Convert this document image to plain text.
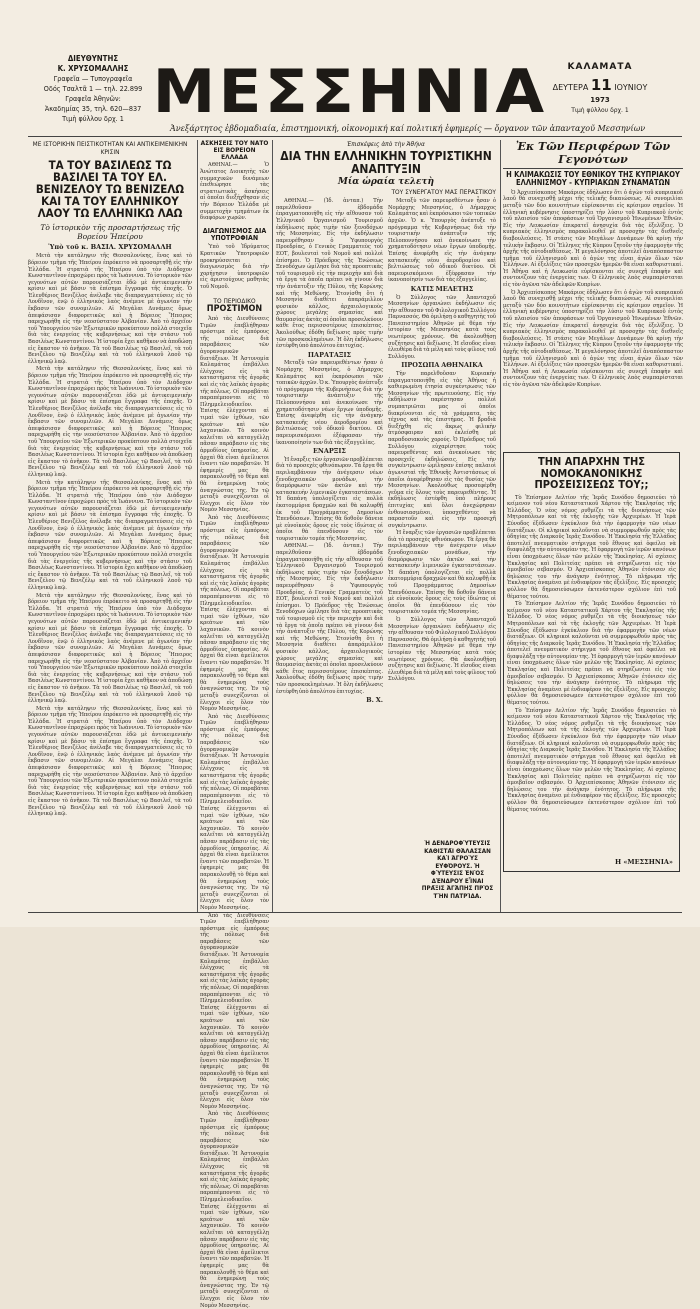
ΔΙΕΥΘΥΝΤΗΣ
Κ. ΧΡΥΣΟΜΑΛΛΗΣ
Γραφεῖα — Τυπογραφεῖα
Οδός Τσαλτᾶ 1 — τηλ. 22.899
Γραφεῖα Ἀθηνῶν:
Ἀκαδημίας 35, τηλ. 620—837
Τιμὴ φύλλου δρχ. 1 ΜΕΣΣΗΝΙΑ	ΚΑΛΑΜΑΤΑ
ΔΕΥΤΕΡΑ 11 ΙΟΥΝΙΟΥ
1973
Τιμὴ φύλλου δρχ. 1
Ἀνεξάρτητος ἑβδομαδιαία, ἐπιστημονική, οἰκονομική καί πολιτική ἐφημερίς — ὄργανον τῶν ἁπανταχοῦ Μεσσηνίων
ΜΕ ΙΣΤΟΡΙΚΗΝ ΠΕΙΣΤΙΚΟΤΗΤΑΝ ΚΑΙ ΑΝΤΙΚΕΙΜΕΝΙΚΗΝ ΚΡΙΣΙΝ
ΤΑ ΤΟΥ ΒΑΣΙΛΕΩΣ ΤΩ ΒΑΣΙΛΕΙ ΤΑ ΤΟΥ ΕΛ. ΒΕΝΙΖΕΛΟΥ ΤΩ ΒΕΝΙΖΕΛΩ ΚΑΙ ΤΑ ΤΟΥ ΕΛΛΗΝΙΚΟΥ ΛΑΟΥ ΤΩ ΕΛΛΗΝΙΚΩ ΛΑΩ
Τὸ ἱστορικὸν τῆς προσαρτήσεως τῆς Βορείου Ἠπείρου
Ὑπὸ τοῦ κ. ΒΑΣΙΛ. ΧΡΥΣΟΜΑΛΛΗ

Μετὰ τὴν κατάληψιν τῆς Θεσσαλονίκης, ἕνας καὶ τὸ βόρειον τμῆμα τῆς Ἠπείρου ἐπρόκειτο νὰ προσαρτηθῇ εἰς τὴν Ἑλλάδα. Ἡ στρατιὰ τῆς Ἠπείρου ὑπὸ τὸν Διάδοχον Κωνσταντῖνον ἐπροχώρει πρὸς τὰ Ἰωάννινα. Τὸ ἱστορικὸν τῶν γεγονότων αὐτῶν παρουσιάζεται ἐδῶ μὲ ἀντικειμενικὴν κρίσιν καὶ μὲ βάσιν τὰ ἐπίσημα ἔγγραφα τῆς ἐποχῆς. Ὁ Ἐλευθέριος Βενιζέλος ἀνέλαβε τὰς διαπραγματεύσεις εἰς τὸ Λονδῖνον, ἐνῷ ὁ ἑλληνικὸς λαὸς ἀνέμενε μὲ ἀγωνίαν τὴν ἔκβασιν τῶν συνομιλιῶν. Αἱ Μεγάλαι Δυνάμεις ὅμως ἀπεφάσισαν διαφορετικῶς καὶ ἡ Βόρειος Ἤπειρος παρεχωρήθη εἰς τὴν νεοσύστατον Ἀλβανίαν. Ἀπὸ τὸ ἀρχεῖον τοῦ Ὑπουργείου τῶν Ἐξωτερικῶν προκύπτουν πολλὰ στοιχεῖα διὰ τὰς ἐνεργείας τῆς κυβερνήσεως καὶ τὴν στάσιν τοῦ Βασιλέως Κωνσταντίνου. Ἡ ἱστορία ἔχει καθῆκον νὰ ἀποδώσῃ εἰς ἕκαστον τὸ ἀνῆκον. Τὰ τοῦ Βασιλέως τῷ Βασιλεῖ, τὰ τοῦ Βενιζέλου τῷ Βενιζέλῳ καὶ τὰ τοῦ ἑλληνικοῦ λαοῦ τῷ ἑλληνικῷ λαῷ.

Μετὰ τὴν κατάληψιν τῆς Θεσσαλονίκης, ἕνας καὶ τὸ βόρειον τμῆμα τῆς Ἠπείρου ἐπρόκειτο νὰ προσαρτηθῇ εἰς τὴν Ἑλλάδα. Ἡ στρατιὰ τῆς Ἠπείρου ὑπὸ τὸν Διάδοχον Κωνσταντῖνον ἐπροχώρει πρὸς τὰ Ἰωάννινα. Τὸ ἱστορικὸν τῶν γεγονότων αὐτῶν παρουσιάζεται ἐδῶ μὲ ἀντικειμενικὴν κρίσιν καὶ μὲ βάσιν τὰ ἐπίσημα ἔγγραφα τῆς ἐποχῆς. Ὁ Ἐλευθέριος Βενιζέλος ἀνέλαβε τὰς διαπραγματεύσεις εἰς τὸ Λονδῖνον, ἐνῷ ὁ ἑλληνικὸς λαὸς ἀνέμενε μὲ ἀγωνίαν τὴν ἔκβασιν τῶν συνομιλιῶν. Αἱ Μεγάλαι Δυνάμεις ὅμως ἀπεφάσισαν διαφορετικῶς καὶ ἡ Βόρειος Ἤπειρος παρεχωρήθη εἰς τὴν νεοσύστατον Ἀλβανίαν. Ἀπὸ τὸ ἀρχεῖον τοῦ Ὑπουργείου τῶν Ἐξωτερικῶν προκύπτουν πολλὰ στοιχεῖα διὰ τὰς ἐνεργείας τῆς κυβερνήσεως καὶ τὴν στάσιν τοῦ Βασιλέως Κωνσταντίνου. Ἡ ἱστορία ἔχει καθῆκον νὰ ἀποδώσῃ εἰς ἕκαστον τὸ ἀνῆκον. Τὰ τοῦ Βασιλέως τῷ Βασιλεῖ, τὰ τοῦ Βενιζέλου τῷ Βενιζέλῳ καὶ τὰ τοῦ ἑλληνικοῦ λαοῦ τῷ ἑλληνικῷ λαῷ.

Μετὰ τὴν κατάληψιν τῆς Θεσσαλονίκης, ἕνας καὶ τὸ βόρειον τμῆμα τῆς Ἠπείρου ἐπρόκειτο νὰ προσαρτηθῇ εἰς τὴν Ἑλλάδα. Ἡ στρατιὰ τῆς Ἠπείρου ὑπὸ τὸν Διάδοχον Κωνσταντῖνον ἐπροχώρει πρὸς τὰ Ἰωάννινα. Τὸ ἱστορικὸν τῶν γεγονότων αὐτῶν παρουσιάζεται ἐδῶ μὲ ἀντικειμενικὴν κρίσιν καὶ μὲ βάσιν τὰ ἐπίσημα ἔγγραφα τῆς ἐποχῆς. Ὁ Ἐλευθέριος Βενιζέλος ἀνέλαβε τὰς διαπραγματεύσεις εἰς τὸ Λονδῖνον, ἐνῷ ὁ ἑλληνικὸς λαὸς ἀνέμενε μὲ ἀγωνίαν τὴν ἔκβασιν τῶν συνομιλιῶν. Αἱ Μεγάλαι Δυνάμεις ὅμως ἀπεφάσισαν διαφορετικῶς καὶ ἡ Βόρειος Ἤπειρος παρεχωρήθη εἰς τὴν νεοσύστατον Ἀλβανίαν. Ἀπὸ τὸ ἀρχεῖον τοῦ Ὑπουργείου τῶν Ἐξωτερικῶν προκύπτουν πολλὰ στοιχεῖα διὰ τὰς ἐνεργείας τῆς κυβερνήσεως καὶ τὴν στάσιν τοῦ Βασιλέως Κωνσταντίνου. Ἡ ἱστορία ἔχει καθῆκον νὰ ἀποδώσῃ εἰς ἕκαστον τὸ ἀνῆκον. Τὰ τοῦ Βασιλέως τῷ Βασιλεῖ, τὰ τοῦ Βενιζέλου τῷ Βενιζέλῳ καὶ τὰ τοῦ ἑλληνικοῦ λαοῦ τῷ ἑλληνικῷ λαῷ.

Μετὰ τὴν κατάληψιν τῆς Θεσσαλονίκης, ἕνας καὶ τὸ βόρειον τμῆμα τῆς Ἠπείρου ἐπρόκειτο νὰ προσαρτηθῇ εἰς τὴν Ἑλλάδα. Ἡ στρατιὰ τῆς Ἠπείρου ὑπὸ τὸν Διάδοχον Κωνσταντῖνον ἐπροχώρει πρὸς τὰ Ἰωάννινα. Τὸ ἱστορικὸν τῶν γεγονότων αὐτῶν παρουσιάζεται ἐδῶ μὲ ἀντικειμενικὴν κρίσιν καὶ μὲ βάσιν τὰ ἐπίσημα ἔγγραφα τῆς ἐποχῆς. Ὁ Ἐλευθέριος Βενιζέλος ἀνέλαβε τὰς διαπραγματεύσεις εἰς τὸ Λονδῖνον, ἐνῷ ὁ ἑλληνικὸς λαὸς ἀνέμενε μὲ ἀγωνίαν τὴν ἔκβασιν τῶν συνομιλιῶν. Αἱ Μεγάλαι Δυνάμεις ὅμως ἀπεφάσισαν διαφορετικῶς καὶ ἡ Βόρειος Ἤπειρος παρεχωρήθη εἰς τὴν νεοσύστατον Ἀλβανίαν. Ἀπὸ τὸ ἀρχεῖον τοῦ Ὑπουργείου τῶν Ἐξωτερικῶν προκύπτουν πολλὰ στοιχεῖα διὰ τὰς ἐνεργείας τῆς κυβερνήσεως καὶ τὴν στάσιν τοῦ Βασιλέως Κωνσταντίνου. Ἡ ἱστορία ἔχει καθῆκον νὰ ἀποδώσῃ εἰς ἕκαστον τὸ ἀνῆκον. Τὰ τοῦ Βασιλέως τῷ Βασιλεῖ, τὰ τοῦ Βενιζέλου τῷ Βενιζέλῳ καὶ τὰ τοῦ ἑλληνικοῦ λαοῦ τῷ ἑλληνικῷ λαῷ.

Μετὰ τὴν κατάληψιν τῆς Θεσσαλονίκης, ἕνας καὶ τὸ βόρειον τμῆμα τῆς Ἠπείρου ἐπρόκειτο νὰ προσαρτηθῇ εἰς τὴν Ἑλλάδα. Ἡ στρατιὰ τῆς Ἠπείρου ὑπὸ τὸν Διάδοχον Κωνσταντῖνον ἐπροχώρει πρὸς τὰ Ἰωάννινα. Τὸ ἱστορικὸν τῶν γεγονότων αὐτῶν παρουσιάζεται ἐδῶ μὲ ἀντικειμενικὴν κρίσιν καὶ μὲ βάσιν τὰ ἐπίσημα ἔγγραφα τῆς ἐποχῆς. Ὁ Ἐλευθέριος Βενιζέλος ἀνέλαβε τὰς διαπραγματεύσεις εἰς τὸ Λονδῖνον, ἐνῷ ὁ ἑλληνικὸς λαὸς ἀνέμενε μὲ ἀγωνίαν τὴν ἔκβασιν τῶν συνομιλιῶν. Αἱ Μεγάλαι Δυνάμεις ὅμως ἀπεφάσισαν διαφορετικῶς καὶ ἡ Βόρειος Ἤπειρος παρεχωρήθη εἰς τὴν νεοσύστατον Ἀλβανίαν. Ἀπὸ τὸ ἀρχεῖον τοῦ Ὑπουργείου τῶν Ἐξωτερικῶν προκύπτουν πολλὰ στοιχεῖα διὰ τὰς ἐνεργείας τῆς κυβερνήσεως καὶ τὴν στάσιν τοῦ Βασιλέως Κωνσταντίνου. Ἡ ἱστορία ἔχει καθῆκον νὰ ἀποδώσῃ εἰς ἕκαστον τὸ ἀνῆκον. Τὰ τοῦ Βασιλέως τῷ Βασιλεῖ, τὰ τοῦ Βενιζέλου τῷ Βενιζέλῳ καὶ τὰ τοῦ ἑλληνικοῦ λαοῦ τῷ ἑλληνικῷ λαῷ.

ΑΣΚΗΣΕΙΣ ΤΟΥ ΝΑΤΟ ΕΙΣ ΒΟΡΕΙΟΝ ΕΛΛΑΔΑ

ΑΘΗΝΑΙ.— Ὁ Ἀνώτατος Διοικητὴς τῶν συμμαχικῶν δυνάμεων ἐπεθεώρησε τὰς στρατιωτικὰς ἀσκήσεις αἱ ὁποῖαι διεξήχθησαν εἰς τὴν Βόρειον Ἑλλάδα μὲ συμμετοχὴν τμημάτων ἐκ διαφόρων χωρῶν.

ΔΙΑΓΩΝΙΣΜΟΣ ΔΙΑ ΥΠΟΤΡΟΦΙΑΝ

Ὑπὸ τοῦ Ἱδρύματος Κρατικῶν Ὑποτροφιῶν προκηρύσσεται διαγωνισμὸς διὰ τὴν χορήγησιν ὑποτροφιῶν εἰς ἀριστούχους μαθητὰς τοῦ Νομοῦ.

ΤΟ ΠΕΡΙΟΔΙΚΟ
ΠΡΟΣΤΙΜΟΝ

Ἀπὸ τὰς Διευθύνσεις Τιμῶν ἐπεβλήθησαν πρόστιμα εἰς ἐμπόρους τῆς πόλεως διὰ παραβάσεις τῶν ἀγορανομικῶν διατάξεων. Ἡ Ἀστυνομία Καλαμάτας ἐπιβάλλει ἐλέγχους εἰς τὰ καταστήματα τῆς ἀγορᾶς καὶ εἰς τὰς λαϊκὰς ἀγορὰς τῆς πόλεως. Οἱ παραβάται παραπέμπονται εἰς τὸ Πλημμελειοδικεῖον. Ἐπίσης ἐλέγχονται αἱ τιμαὶ τῶν ἰχθύων, τῶν κρεάτων καὶ τῶν λαχανικῶν. Τὸ κοινὸν καλεῖται νὰ καταγγέλλῃ πᾶσαν παράβασιν εἰς τὰς ἁρμοδίους ὑπηρεσίας. Αἱ ἀρχαὶ θὰ εἶναι ἀμείλικτοι ἔναντι τῶν παραβατῶν. Ἡ ἐφημερίς μας θὰ παρακολουθῇ τὸ θέμα καὶ θὰ ἐνημερώνῃ τοὺς ἀναγνώστας της. Ἐν τῷ μεταξὺ συνεχίζονται οἱ ἔλεγχοι εἰς ὅλον τὸν Νομὸν Μεσσηνίας.

Ἀπὸ τὰς Διευθύνσεις Τιμῶν ἐπεβλήθησαν πρόστιμα εἰς ἐμπόρους τῆς πόλεως διὰ παραβάσεις τῶν ἀγορανομικῶν διατάξεων. Ἡ Ἀστυνομία Καλαμάτας ἐπιβάλλει ἐλέγχους εἰς τὰ καταστήματα τῆς ἀγορᾶς καὶ εἰς τὰς λαϊκὰς ἀγορὰς τῆς πόλεως. Οἱ παραβάται παραπέμπονται εἰς τὸ Πλημμελειοδικεῖον. Ἐπίσης ἐλέγχονται αἱ τιμαὶ τῶν ἰχθύων, τῶν κρεάτων καὶ τῶν λαχανικῶν. Τὸ κοινὸν καλεῖται νὰ καταγγέλλῃ πᾶσαν παράβασιν εἰς τὰς ἁρμοδίους ὑπηρεσίας. Αἱ ἀρχαὶ θὰ εἶναι ἀμείλικτοι ἔναντι τῶν παραβατῶν. Ἡ ἐφημερίς μας θὰ παρακολουθῇ τὸ θέμα καὶ θὰ ἐνημερώνῃ τοὺς ἀναγνώστας της. Ἐν τῷ μεταξὺ συνεχίζονται οἱ ἔλεγχοι εἰς ὅλον τὸν Νομὸν Μεσσηνίας.

Ἀπὸ τὰς Διευθύνσεις Τιμῶν ἐπεβλήθησαν πρόστιμα εἰς ἐμπόρους τῆς πόλεως διὰ παραβάσεις τῶν ἀγορανομικῶν διατάξεων. Ἡ Ἀστυνομία Καλαμάτας ἐπιβάλλει ἐλέγχους εἰς τὰ καταστήματα τῆς ἀγορᾶς καὶ εἰς τὰς λαϊκὰς ἀγορὰς τῆς πόλεως. Οἱ παραβάται παραπέμπονται εἰς τὸ Πλημμελειοδικεῖον. Ἐπίσης ἐλέγχονται αἱ τιμαὶ τῶν ἰχθύων, τῶν κρεάτων καὶ τῶν λαχανικῶν. Τὸ κοινὸν καλεῖται νὰ καταγγέλλῃ πᾶσαν παράβασιν εἰς τὰς ἁρμοδίους ὑπηρεσίας. Αἱ ἀρχαὶ θὰ εἶναι ἀμείλικτοι ἔναντι τῶν παραβατῶν. Ἡ ἐφημερίς μας θὰ παρακολουθῇ τὸ θέμα καὶ θὰ ἐνημερώνῃ τοὺς ἀναγνώστας της. Ἐν τῷ μεταξὺ συνεχίζονται οἱ ἔλεγχοι εἰς ὅλον τὸν Νομὸν Μεσσηνίας.

Ἀπὸ τὰς Διευθύνσεις Τιμῶν ἐπεβλήθησαν πρόστιμα εἰς ἐμπόρους τῆς πόλεως διὰ παραβάσεις τῶν ἀγορανομικῶν διατάξεων. Ἡ Ἀστυνομία Καλαμάτας ἐπιβάλλει ἐλέγχους εἰς τὰ καταστήματα τῆς ἀγορᾶς καὶ εἰς τὰς λαϊκὰς ἀγορὰς τῆς πόλεως. Οἱ παραβάται παραπέμπονται εἰς τὸ Πλημμελειοδικεῖον. Ἐπίσης ἐλέγχονται αἱ τιμαὶ τῶν ἰχθύων, τῶν κρεάτων καὶ τῶν λαχανικῶν. Τὸ κοινὸν καλεῖται νὰ καταγγέλλῃ πᾶσαν παράβασιν εἰς τὰς ἁρμοδίους ὑπηρεσίας. Αἱ ἀρχαὶ θὰ εἶναι ἀμείλικτοι ἔναντι τῶν παραβατῶν. Ἡ ἐφημερίς μας θὰ παρακολουθῇ τὸ θέμα καὶ θὰ ἐνημερώνῃ τοὺς ἀναγνώστας της. Ἐν τῷ μεταξὺ συνεχίζονται οἱ ἔλεγχοι εἰς ὅλον τὸν Νομὸν Μεσσηνίας.

Ἀπὸ τὰς Διευθύνσεις Τιμῶν ἐπεβλήθησαν πρόστιμα εἰς ἐμπόρους τῆς πόλεως διὰ παραβάσεις τῶν ἀγορανομικῶν διατάξεων. Ἡ Ἀστυνομία Καλαμάτας ἐπιβάλλει ἐλέγχους εἰς τὰ καταστήματα τῆς ἀγορᾶς καὶ εἰς τὰς λαϊκὰς ἀγορὰς τῆς πόλεως. Οἱ παραβάται παραπέμπονται εἰς τὸ Πλημμελειοδικεῖον. Ἐπίσης ἐλέγχονται αἱ τιμαὶ τῶν ἰχθύων, τῶν κρεάτων καὶ τῶν λαχανικῶν. Τὸ κοινὸν καλεῖται νὰ καταγγέλλῃ πᾶσαν παράβασιν εἰς τὰς ἁρμοδίους ὑπηρεσίας. Αἱ ἀρχαὶ θὰ εἶναι ἀμείλικτοι ἔναντι τῶν παραβατῶν. Ἡ ἐφημερίς μας θὰ παρακολουθῇ τὸ θέμα καὶ θὰ ἐνημερώνῃ τοὺς ἀναγνώστας της. Ἐν τῷ μεταξὺ συνεχίζονται οἱ ἔλεγχοι εἰς ὅλον τὸν Νομὸν Μεσσηνίας.

Ἐπισκέψεις ἀπὸ τὴν Ἀθήνα
ΔΙΑ ΤΗΝ ΕΛΛΗΝΙΚΗΝ ΤΟΥΡΙΣΤΙΚΗΝ ΑΝΑΠΤΥΞΙΝ
Μία ὡραία τελετὴ
ΤΟΥ ΣΥΝΕΡΓΑΤΟΥ ΜΑΣ ΠΕΡΑΣΤΙΚΟΥ

ΑΘΗΝΑΙ.— (Ἰδ. ἀνταπ.) Τὴν παρελθοῦσαν ἑβδομάδα ἐπραγματοποιήθη εἰς τὴν αἴθουσαν τοῦ Ἑλληνικοῦ Ὀργανισμοῦ Τουρισμοῦ ἐκδήλωσις πρὸς τιμὴν τῶν ξενοδόχων τῆς Μεσσηνίας. Εἰς τὴν ἐκδήλωσιν παρευρέθησαν ὁ Ὑφυπουργὸς Προεδρίας, ὁ Γενικὸς Γραμματεὺς τοῦ ΕΟΤ, βουλευταὶ τοῦ Νομοῦ καὶ πολλοὶ ἐπίσημοι. Ὁ Πρόεδρος τῆς Ἑνώσεως Ξενοδόχων ὡμίλησε διὰ τὰς προοπτικὰς τοῦ τουρισμοῦ εἰς τὴν περιοχὴν καὶ διὰ τὰ ἔργα τὰ ὁποῖα πρέπει νὰ γίνουν διὰ τὴν ἀνάπτυξιν τῆς Πύλου, τῆς Κορώνης καὶ τῆς Μεθώνης. Ἐτονίσθη ὅτι ἡ Μεσσηνία διαθέτει ἀπαράμιλλον φυσικὸν κάλλος, ἀρχαιολογικοὺς χώρους μεγάλης σημασίας καὶ θαυμασίας ἀκτὰς αἱ ὁποῖαι προσελκύουν κάθε ἔτος περισσοτέρους ἐπισκέπτας. Ἀκολούθως ἐδόθη δεξίωσις πρὸς τιμὴν τῶν προσκεκλημένων. Ἡ ὅλη ἐκδήλωσις ἐστέφθη ὑπὸ ἀπολύτου ἐπιτυχίας.

ΠΑΡΑΤΑΞΙΣ

Μεταξὺ τῶν παρευρεθέντων ἦσαν ὁ Νομάρχης Μεσσηνίας, ὁ Δήμαρχος Καλαμάτας καὶ ἐκπρόσωποι τῶν τοπικῶν ἀρχῶν. Ὁ κ. Ὑπουργὸς ἀνέπτυξε τὸ πρόγραμμα τῆς Κυβερνήσεως διὰ τὴν τουριστικὴν ἀνάπτυξιν τῆς Πελοποννήσου καὶ ἀνεκοίνωσε τὴν χρηματοδότησιν νέων ἔργων ὑποδομῆς. Ἐπίσης ἀνεφέρθη εἰς τὴν ἀνάγκην κατασκευῆς νέου ἀεροδρομίου καὶ βελτιώσεως τοῦ ὁδικοῦ δικτύου. Οἱ παρευρισκόμενοι ἐξέφρασαν τὴν ἱκανοποίησίν των διὰ τὰς ἐξαγγελίας.

ΕΝΑΡΞΙΣ

Ἡ ἔναρξις τῶν ἐργασιῶν προβλέπεται διὰ τὸ προσεχὲς φθινόπωρον. Τὰ ἔργα θὰ περιλαμβάνουν τὴν ἀνέγερσιν νέων ξενοδοχειακῶν μονάδων, τὴν διαμόρφωσιν τῶν ἀκτῶν καὶ τὴν κατασκευὴν λιμενικῶν ἐγκαταστάσεων. Ἡ δαπάνη ὑπολογίζεται εἰς πολλὰ ἑκατομμύρια δραχμῶν καὶ θὰ καλυφθῇ ἐκ τοῦ Προγράμματος Δημοσίων Ἐπενδύσεων. Ἐπίσης θὰ δοθοῦν δάνεια μὲ εὐνοϊκοὺς ὅρους εἰς τοὺς ἰδιώτας οἱ ὁποῖοι θὰ ἐπενδύσουν εἰς τὸν τουριστικὸν τομέα τῆς Μεσσηνίας.

ΑΘΗΝΑΙ.— (Ἰδ. ἀνταπ.) Τὴν παρελθοῦσαν ἑβδομάδα ἐπραγματοποιήθη εἰς τὴν αἴθουσαν τοῦ Ἑλληνικοῦ Ὀργανισμοῦ Τουρισμοῦ ἐκδήλωσις πρὸς τιμὴν τῶν ξενοδόχων τῆς Μεσσηνίας. Εἰς τὴν ἐκδήλωσιν παρευρέθησαν ὁ Ὑφυπουργὸς Προεδρίας, ὁ Γενικὸς Γραμματεὺς τοῦ ΕΟΤ, βουλευταὶ τοῦ Νομοῦ καὶ πολλοὶ ἐπίσημοι. Ὁ Πρόεδρος τῆς Ἑνώσεως Ξενοδόχων ὡμίλησε διὰ τὰς προοπτικὰς τοῦ τουρισμοῦ εἰς τὴν περιοχὴν καὶ διὰ τὰ ἔργα τὰ ὁποῖα πρέπει νὰ γίνουν διὰ τὴν ἀνάπτυξιν τῆς Πύλου, τῆς Κορώνης καὶ τῆς Μεθώνης. Ἐτονίσθη ὅτι ἡ Μεσσηνία διαθέτει ἀπαράμιλλον φυσικὸν κάλλος, ἀρχαιολογικοὺς χώρους μεγάλης σημασίας καὶ θαυμασίας ἀκτὰς αἱ ὁποῖαι προσελκύουν κάθε ἔτος περισσοτέρους ἐπισκέπτας. Ἀκολούθως ἐδόθη δεξίωσις πρὸς τιμὴν τῶν προσκεκλημένων. Ἡ ὅλη ἐκδήλωσις ἐστέφθη ὑπὸ ἀπολύτου ἐπιτυχίας.

Β. Χ.

Μεταξὺ τῶν παρευρεθέντων ἦσαν ὁ Νομάρχης Μεσσηνίας, ὁ Δήμαρχος Καλαμάτας καὶ ἐκπρόσωποι τῶν τοπικῶν ἀρχῶν. Ὁ κ. Ὑπουργὸς ἀνέπτυξε τὸ πρόγραμμα τῆς Κυβερνήσεως διὰ τὴν τουριστικὴν ἀνάπτυξιν τῆς Πελοποννήσου καὶ ἀνεκοίνωσε τὴν χρηματοδότησιν νέων ἔργων ὑποδομῆς. Ἐπίσης ἀνεφέρθη εἰς τὴν ἀνάγκην κατασκευῆς νέου ἀεροδρομίου καὶ βελτιώσεως τοῦ ὁδικοῦ δικτύου. Οἱ παρευρισκόμενοι ἐξέφρασαν τὴν ἱκανοποίησίν των διὰ τὰς ἐξαγγελίας.

ΚΑΤΙΣ ΜΕΛΕΤΗΣ

Ὁ Σύλλογος τῶν Ἀπανταχοῦ Μεσσηνίων ὀργανώνει ἐκδήλωσιν εἰς τὴν αἴθουσαν τοῦ Φιλολογικοῦ Συλλόγου Παρνασσός. Θὰ ὁμιλήσῃ ὁ καθηγητὴς τοῦ Πανεπιστημίου Ἀθηνῶν μὲ θέμα τὴν ἱστορίαν τῆς Μεσσηνίας κατὰ τοὺς νεωτέρους χρόνους. Θὰ ἀκολουθήσῃ συζήτησις καὶ δεξίωσις. Ἡ εἴσοδος εἶναι ἐλευθέρα διὰ τὰ μέλη καὶ τοὺς φίλους τοῦ Συλλόγου.

ΠΡΟΣΩΠΑ ΑΘΗΝΑΙΚΑ

Τὴν παρελθοῦσαν Κυριακὴν ἐπραγματοποιήθη εἰς τὰς Ἀθήνας ἡ καθιερωμένη ἐτησία συγκέντρωσις τῶν Μεσσηνίων τῆς πρωτευούσης. Εἰς τὴν ἐκδήλωσιν παρέστησαν πολλοὶ συμπατριῶται μας οἱ ὁποῖοι διακρίνονται εἰς τὰ γράμματα, τὰς τέχνας καὶ τὰς ἐπιστήμας. Ἡ βραδιὰ διεξήχθη εἰς ἄκρως φιλικὴν ἀτμόσφαιραν καὶ ἐκλείσθη μὲ παραδοσιακοὺς χορούς. Ὁ Πρόεδρος τοῦ Συλλόγου εὐχαρίστησε τοὺς παρευρεθέντας καὶ ἀνεκοίνωσε τὰς προσεχεῖς ἐκδηλώσεις. Εἰς τὴν συγκέντρωσιν ὡμίλησαν ἐπίσης παλαιοὶ ἀγωνισταὶ τῆς Ἐθνικῆς Ἀντιστάσεως οἱ ὁποῖοι ἀνεφέρθησαν εἰς τὰς θυσίας τῶν Μεσσηνίων. Ἀκολούθως προσεφέρθη γεῦμα εἰς ὅλους τοὺς παρευρεθέντας. Ἡ ἐκδήλωσις ἐστέφθη ὑπὸ πλήρους ἐπιτυχίας καὶ ὅλοι ἀνεχώρησαν ἐνθουσιασμένοι, ὑποσχεθέντες νὰ παραστοῦν καὶ εἰς τὴν προσεχῆ συγκέντρωσιν.

Ἡ ἔναρξις τῶν ἐργασιῶν προβλέπεται διὰ τὸ προσεχὲς φθινόπωρον. Τὰ ἔργα θὰ περιλαμβάνουν τὴν ἀνέγερσιν νέων ξενοδοχειακῶν μονάδων, τὴν διαμόρφωσιν τῶν ἀκτῶν καὶ τὴν κατασκευὴν λιμενικῶν ἐγκαταστάσεων. Ἡ δαπάνη ὑπολογίζεται εἰς πολλὰ ἑκατομμύρια δραχμῶν καὶ θὰ καλυφθῇ ἐκ τοῦ Προγράμματος Δημοσίων Ἐπενδύσεων. Ἐπίσης θὰ δοθοῦν δάνεια μὲ εὐνοϊκοὺς ὅρους εἰς τοὺς ἰδιώτας οἱ ὁποῖοι θὰ ἐπενδύσουν εἰς τὸν τουριστικὸν τομέα τῆς Μεσσηνίας.

Ὁ Σύλλογος τῶν Ἀπανταχοῦ Μεσσηνίων ὀργανώνει ἐκδήλωσιν εἰς τὴν αἴθουσαν τοῦ Φιλολογικοῦ Συλλόγου Παρνασσός. Θὰ ὁμιλήσῃ ὁ καθηγητὴς τοῦ Πανεπιστημίου Ἀθηνῶν μὲ θέμα τὴν ἱστορίαν τῆς Μεσσηνίας κατὰ τοὺς νεωτέρους χρόνους. Θὰ ἀκολουθήσῃ συζήτησις καὶ δεξίωσις. Ἡ εἴσοδος εἶναι ἐλευθέρα διὰ τὰ μέλη καὶ τοὺς φίλους τοῦ Συλλόγου.

Ἐκ Τῶν Περιφέρων Τῶν Γεγονότων
Η ΚΛΙΜΑΚΩΣΙΣ ΤΟΥ ΕΘΝΙΚΟΥ ΤΗΣ ΚΥΠΡΙΑΚΟΥ ΕΛΛΗΝΙΣΜΟΥ - ΚΥΠΡΙΑΚΩΝ ΣΥΝΑΜΑΤΩΝ

Ὁ Ἀρχιεπίσκοπος Μακάριος ἐδήλωσεν ὅτι ὁ ἀγὼν τοῦ κυπριακοῦ λαοῦ θὰ συνεχισθῇ μέχρι τῆς τελικῆς δικαιώσεως. Αἱ συνομιλίαι μεταξὺ τῶν δύο κοινοτήτων εὑρίσκονται εἰς κρίσιμον σημεῖον. Ἡ ἑλληνικὴ κυβέρνησις ὑποστηρίζει τὴν λύσιν τοῦ Κυπριακοῦ ἐντὸς τοῦ πλαισίου τῶν ἀποφάσεων τοῦ Ὀργανισμοῦ Ἡνωμένων Ἐθνῶν. Εἰς τὴν Λευκωσίαν ἐπικρατεῖ ἀνησυχία διὰ τὰς ἐξελίξεις. Ὁ κυπριακὸς ἑλληνισμὸς παρακολουθεῖ μὲ προσοχὴν τὰς διεθνεῖς διαβουλεύσεις. Ἡ στάσις τῶν Μεγάλων Δυνάμεων θὰ κρίνῃ τὴν τελικὴν ἔκβασιν. Οἱ Ἕλληνες τῆς Κύπρου ζητοῦν τὴν ἐφαρμογὴν τῆς ἀρχῆς τῆς αὐτοδιαθέσεως. Ἡ μεγαλόνησος ἀποτελεῖ ἀναπόσπαστον τμῆμα τοῦ ἑλληνισμοῦ καὶ ὁ ἀγὼν της εἶναι ἀγὼν ὅλων τῶν Ἑλλήνων. Αἱ ἐξελίξεις τῶν προσεχῶν ἡμερῶν θὰ εἶναι καθοριστικαί. Ἡ Ἀθήνα καὶ ἡ Λευκωσία εὑρίσκονται εἰς συνεχῆ ἐπαφὴν καὶ συντονίζουν τὰς ἐνεργείας των. Ὁ ἑλληνικὸς λαὸς συμπαρίσταται εἰς τὸν ἀγῶνα τῶν ἀδελφῶν Κυπρίων.

Ὁ Ἀρχιεπίσκοπος Μακάριος ἐδήλωσεν ὅτι ὁ ἀγὼν τοῦ κυπριακοῦ λαοῦ θὰ συνεχισθῇ μέχρι τῆς τελικῆς δικαιώσεως. Αἱ συνομιλίαι μεταξὺ τῶν δύο κοινοτήτων εὑρίσκονται εἰς κρίσιμον σημεῖον. Ἡ ἑλληνικὴ κυβέρνησις ὑποστηρίζει τὴν λύσιν τοῦ Κυπριακοῦ ἐντὸς τοῦ πλαισίου τῶν ἀποφάσεων τοῦ Ὀργανισμοῦ Ἡνωμένων Ἐθνῶν. Εἰς τὴν Λευκωσίαν ἐπικρατεῖ ἀνησυχία διὰ τὰς ἐξελίξεις. Ὁ κυπριακὸς ἑλληνισμὸς παρακολουθεῖ μὲ προσοχὴν τὰς διεθνεῖς διαβουλεύσεις. Ἡ στάσις τῶν Μεγάλων Δυνάμεων θὰ κρίνῃ τὴν τελικὴν ἔκβασιν. Οἱ Ἕλληνες τῆς Κύπρου ζητοῦν τὴν ἐφαρμογὴν τῆς ἀρχῆς τῆς αὐτοδιαθέσεως. Ἡ μεγαλόνησος ἀποτελεῖ ἀναπόσπαστον τμῆμα τοῦ ἑλληνισμοῦ καὶ ὁ ἀγὼν της εἶναι ἀγὼν ὅλων τῶν Ἑλλήνων. Αἱ ἐξελίξεις τῶν προσεχῶν ἡμερῶν θὰ εἶναι καθοριστικαί. Ἡ Ἀθήνα καὶ ἡ Λευκωσία εὑρίσκονται εἰς συνεχῆ ἐπαφὴν καὶ συντονίζουν τὰς ἐνεργείας των. Ὁ ἑλληνικὸς λαὸς συμπαρίσταται εἰς τὸν ἀγῶνα τῶν ἀδελφῶν Κυπρίων.

ΤΗΝ ΑΠΑΡΧΗΝ ΤΗΣ ΝΟΜΟΚΑΝΟΝΙΚΗΣ ΠΡΟΣΕΙΣΙΣΕΩΣ ΤΟΥ;;

Τὸ Ἐπίσημον Δελτίον τῆς Ἱερᾶς Συνόδου δημοσιεύει τὸ κείμενον τοῦ νέου Καταστατικοῦ Χάρτου τῆς Ἐκκλησίας τῆς Ἑλλάδος. Ὁ νέος νόμος ρυθμίζει τὰ τῆς διοικήσεως τῶν Μητροπόλεων καὶ τὰ τῆς ἐκλογῆς τῶν Ἀρχιερέων. Ἡ Ἱερὰ Σύνοδος ἐξέδωσεν ἐγκύκλιον διὰ τὴν ἐφαρμογὴν τῶν νέων διατάξεων. Οἱ κληρικοὶ καλοῦνται νὰ συμμορφωθοῦν πρὸς τὰς ὁδηγίας τῆς Διαρκοῦς Ἱερᾶς Συνόδου. Ἡ Ἐκκλησία τῆς Ἑλλάδος ἀποτελεῖ πνευματικὸν στήριγμα τοῦ ἔθνους καὶ ὀφείλει νὰ διαφυλάξῃ τὴν αὐτονομίαν της. Ἡ ἐφαρμογὴ τῶν ἱερῶν κανόνων εἶναι ὑποχρέωσις ὅλων τῶν μελῶν τῆς Ἐκκλησίας. Αἱ σχέσεις Ἐκκλησίας καὶ Πολιτείας πρέπει νὰ στηρίζωνται εἰς τὸν ἀμοιβαῖον σεβασμόν. Ὁ Ἀρχιεπίσκοπος Ἀθηνῶν ἐτόνισεν εἰς δηλώσεις του τὴν ἀνάγκην ἑνότητος. Τὸ πλήρωμα τῆς Ἐκκλησίας ἀναμένει μὲ ἐνδιαφέρον τὰς ἐξελίξεις. Εἰς προσεχὲς φύλλον θὰ δημοσιεύσωμεν ἐκτενέστερον σχόλιον ἐπὶ τοῦ θέματος τούτου.

Τὸ Ἐπίσημον Δελτίον τῆς Ἱερᾶς Συνόδου δημοσιεύει τὸ κείμενον τοῦ νέου Καταστατικοῦ Χάρτου τῆς Ἐκκλησίας τῆς Ἑλλάδος. Ὁ νέος νόμος ρυθμίζει τὰ τῆς διοικήσεως τῶν Μητροπόλεων καὶ τὰ τῆς ἐκλογῆς τῶν Ἀρχιερέων. Ἡ Ἱερὰ Σύνοδος ἐξέδωσεν ἐγκύκλιον διὰ τὴν ἐφαρμογὴν τῶν νέων διατάξεων. Οἱ κληρικοὶ καλοῦνται νὰ συμμορφωθοῦν πρὸς τὰς ὁδηγίας τῆς Διαρκοῦς Ἱερᾶς Συνόδου. Ἡ Ἐκκλησία τῆς Ἑλλάδος ἀποτελεῖ πνευματικὸν στήριγμα τοῦ ἔθνους καὶ ὀφείλει νὰ διαφυλάξῃ τὴν αὐτονομίαν της. Ἡ ἐφαρμογὴ τῶν ἱερῶν κανόνων εἶναι ὑποχρέωσις ὅλων τῶν μελῶν τῆς Ἐκκλησίας. Αἱ σχέσεις Ἐκκλησίας καὶ Πολιτείας πρέπει νὰ στηρίζωνται εἰς τὸν ἀμοιβαῖον σεβασμόν. Ὁ Ἀρχιεπίσκοπος Ἀθηνῶν ἐτόνισεν εἰς δηλώσεις του τὴν ἀνάγκην ἑνότητος. Τὸ πλήρωμα τῆς Ἐκκλησίας ἀναμένει μὲ ἐνδιαφέρον τὰς ἐξελίξεις. Εἰς προσεχὲς φύλλον θὰ δημοσιεύσωμεν ἐκτενέστερον σχόλιον ἐπὶ τοῦ θέματος τούτου.

Τὸ Ἐπίσημον Δελτίον τῆς Ἱερᾶς Συνόδου δημοσιεύει τὸ κείμενον τοῦ νέου Καταστατικοῦ Χάρτου τῆς Ἐκκλησίας τῆς Ἑλλάδος. Ὁ νέος νόμος ρυθμίζει τὰ τῆς διοικήσεως τῶν Μητροπόλεων καὶ τὰ τῆς ἐκλογῆς τῶν Ἀρχιερέων. Ἡ Ἱερὰ Σύνοδος ἐξέδωσεν ἐγκύκλιον διὰ τὴν ἐφαρμογὴν τῶν νέων διατάξεων. Οἱ κληρικοὶ καλοῦνται νὰ συμμορφωθοῦν πρὸς τὰς ὁδηγίας τῆς Διαρκοῦς Ἱερᾶς Συνόδου. Ἡ Ἐκκλησία τῆς Ἑλλάδος ἀποτελεῖ πνευματικὸν στήριγμα τοῦ ἔθνους καὶ ὀφείλει νὰ διαφυλάξῃ τὴν αὐτονομίαν της. Ἡ ἐφαρμογὴ τῶν ἱερῶν κανόνων εἶναι ὑποχρέωσις ὅλων τῶν μελῶν τῆς Ἐκκλησίας. Αἱ σχέσεις Ἐκκλησίας καὶ Πολιτείας πρέπει νὰ στηρίζωνται εἰς τὸν ἀμοιβαῖον σεβασμόν. Ὁ Ἀρχιεπίσκοπος Ἀθηνῶν ἐτόνισεν εἰς δηλώσεις του τὴν ἀνάγκην ἑνότητος. Τὸ πλήρωμα τῆς Ἐκκλησίας ἀναμένει μὲ ἐνδιαφέρον τὰς ἐξελίξεις. Εἰς προσεχὲς φύλλον θὰ δημοσιεύσωμεν ἐκτενέστερον σχόλιον ἐπὶ τοῦ θέματος τούτου.

Η «ΜΕΣΣΗΝΙΑ»
Ἡ ΔΕΝΔΡΟΦΎΤΕΥΣΙΣ ΚΑΘΙΣΤΑ͂Ι ΘΆΛΑΣΣΑΝ ΚΑῚ ἈΓΡΟῪΣ ΕΥ̓ΦΌΡΟΥΣ. Ἡ ΦΎΤΕΥΣΙΣ ἙΝῸΣ ΔΈΝΔΡΟΥ ΕἾΝΑΙ ΠΡΑ͂ΞΙΣ ἈΓΆΠΗΣ ΠΡῸΣ ΤῊΝ ΠΑΤΡΊΔΑ.
